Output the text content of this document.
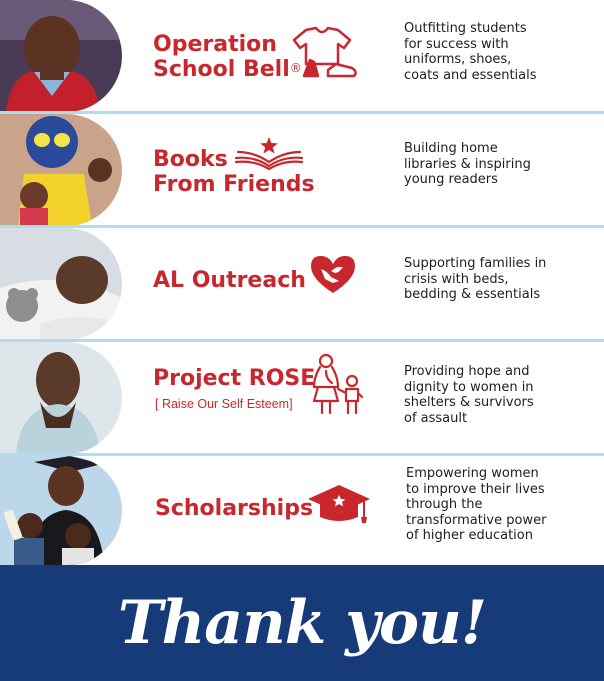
Operation
School Bell®
Outfitting students
for success with
uniforms, shoes,
coats and essentials
Books
From Friends
Building home
libraries & inspiring
young readers
AL Outreach
Supporting families in
crisis with beds,
bedding & essentials
Project ROSE
[ Raise Our Self Esteem]
Providing hope and
dignity to women in
shelters & survivors
of assault
Scholarships
Empowering women
to improve their lives
through the
transformative power
of higher education
Thank you!
